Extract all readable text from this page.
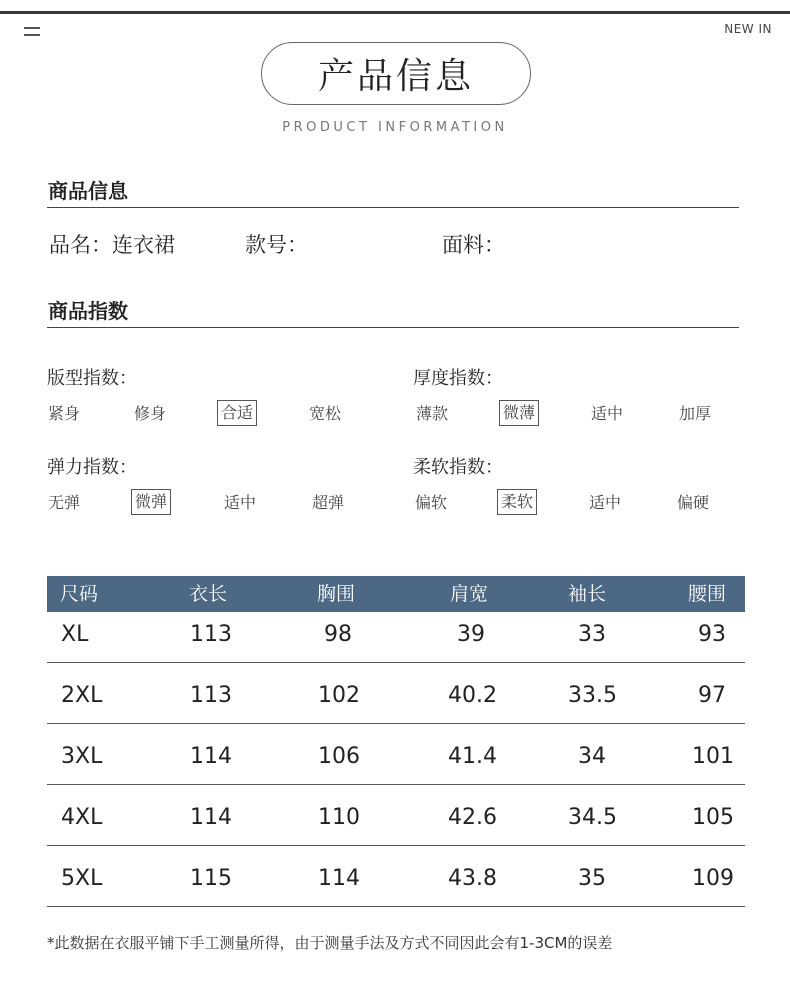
NEW IN
产品信息
PRODUCT INFORMATION
商品信息
品名：连衣裙	款号：	面料：
商品指数
版型指数：
紧身	修身	合适	宽松
厚度指数：
薄款	微薄	适中	加厚
弹力指数：
无弹	微弹	适中	超弹
柔软指数：
偏软	柔软	适中	偏硬
尺码	衣长	胸围	肩宽	袖长	腰围
XL	113	98	39	33	93
2XL	113	102	40.2	33.5	97
3XL	114	106	41.4	34	101
4XL	114	110	42.6	34.5	105
5XL	115	114	43.8	35	109
*此数据在衣服平铺下手工测量所得，由于测量手法及方式不同因此会有1-3CM的误差
